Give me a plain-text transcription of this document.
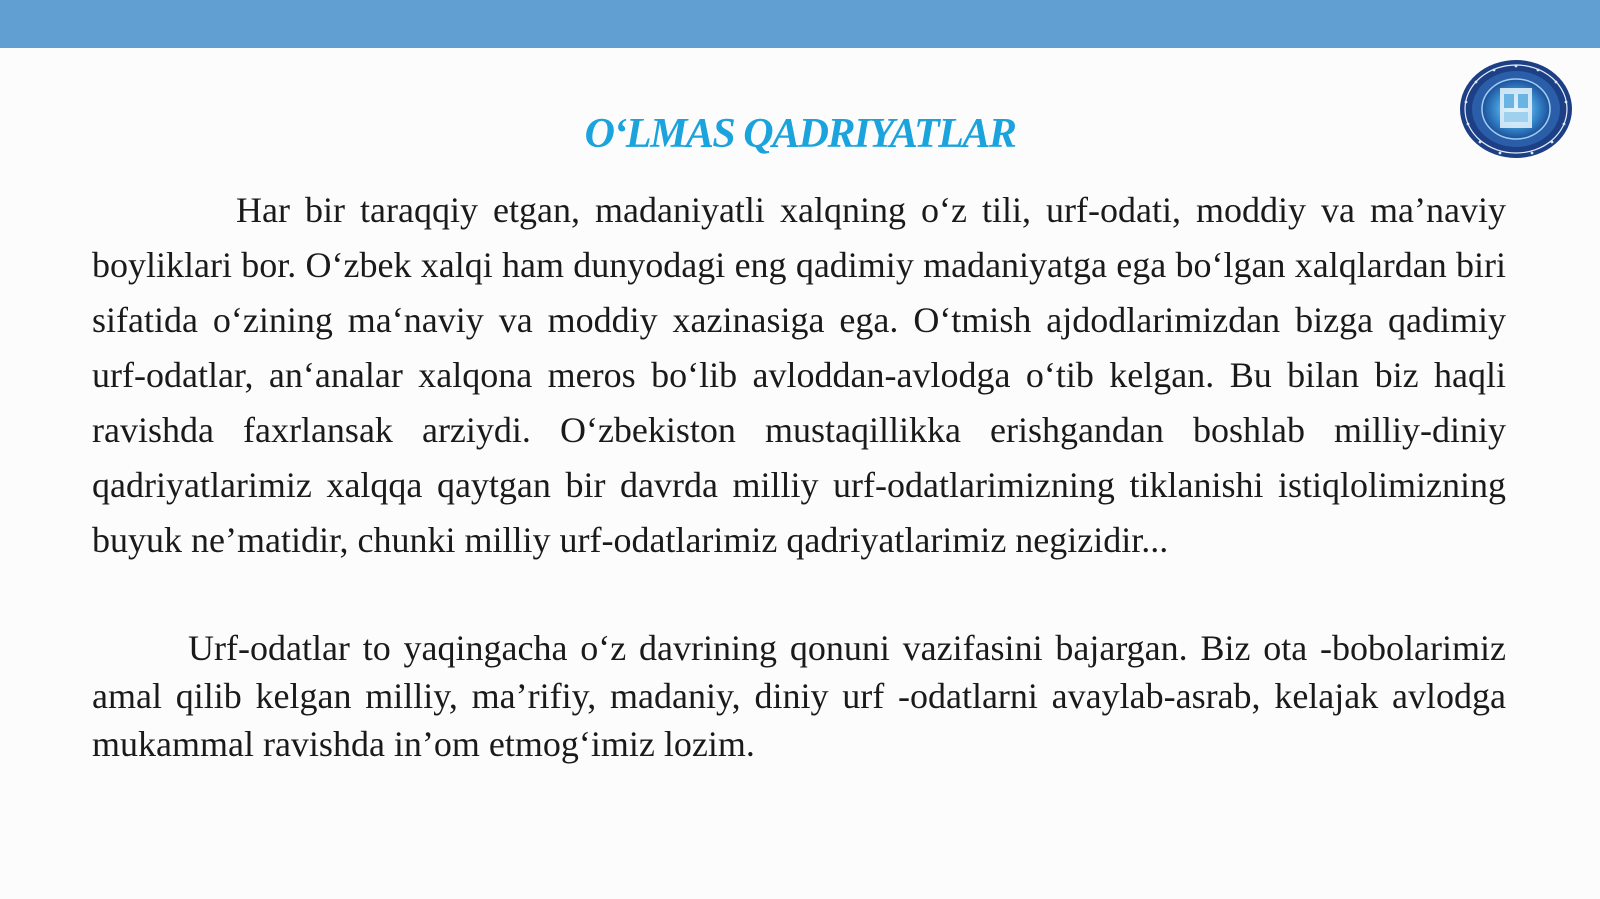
O‘LMAS QADRIYATLAR

Har bir taraqqiy etgan, madaniyatli xalqning o‘z tili, urf-odati, moddiy va ma’naviy boyliklari bor. O‘zbek xalqi ham dunyodagi eng qadimiy madaniyatga ega bo‘lgan xalqlardan biri sifatida o‘zining ma‘naviy va moddiy xazinasiga ega. O‘tmish ajdodlarimizdan bizga qadimiy urf-odatlar, an‘analar xalqona meros bo‘lib avloddan-avlodga o‘tib kelgan. Bu bilan biz haqli ravishda faxrlansak arziydi. O‘zbekiston mustaqillikka erishgandan boshlab milliy-diniy qadriyatlarimiz xalqqa qaytgan bir davrda milliy urf-odatlarimizning tiklanishi istiqlolimizning buyuk ne’matidir, chunki milliy urf-odatlarimiz qadriyatlarimiz negizidir...

Urf-odatlar to yaqingacha o‘z davrining qonuni vazifasini bajargan. Biz ota -bobolarimiz amal qilib kelgan milliy, ma’rifiy, madaniy, diniy urf -odatlarni avaylab-asrab, kelajak avlodga mukammal ravishda in’om etmog‘imiz lozim.
